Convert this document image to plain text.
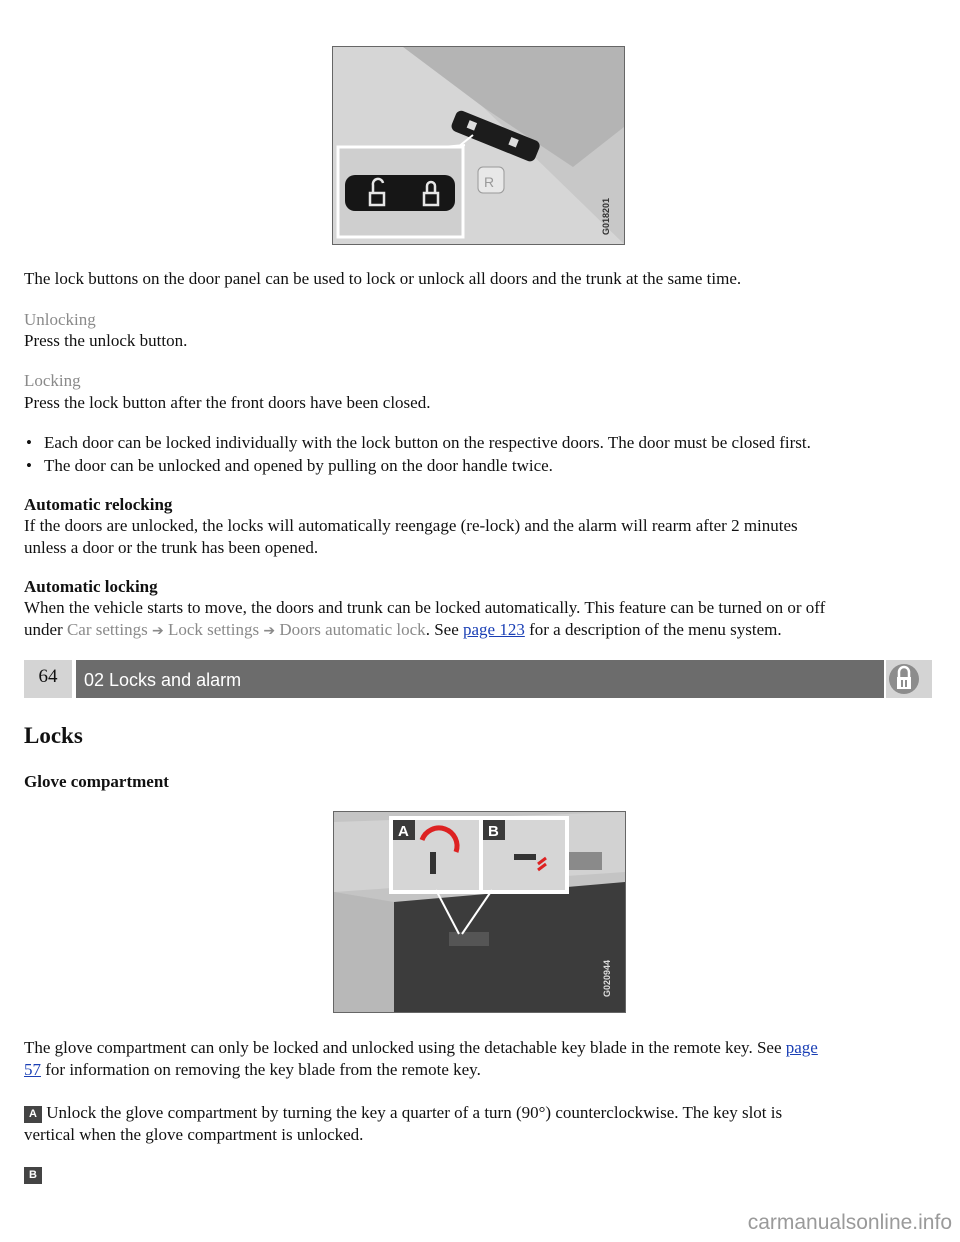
R
G018201

The lock buttons on the door panel can be used to lock or unlock all doors and the trunk at the same time.

Unlocking

Press the unlock button.

Locking

Press the lock button after the front doors have been closed.

• Each door can be locked individually with the lock button on the respective doors. The door must be closed first.
• The door can be unlocked and opened by pulling on the door handle twice.

Automatic relocking

If the doors are unlocked, the locks will automatically reengage (re-lock) and the alarm will rearm after 2 minutes

unless a door or the trunk has been opened.

Automatic locking

When the vehicle starts to move, the doors and trunk can be locked automatically. This feature can be turned on or off

under Car settings ➔ Lock settings ➔ Doors automatic lock. See page 123 for a description of the menu system.

64	02 Locks and alarm

Locks

Glove compartment

A	B
G020944

The glove compartment can only be locked and unlocked using the detachable key blade in the remote key. See page

57 for information on removing the key blade from the remote key.

A Unlock the glove compartment by turning the key a quarter of a turn (90°) counterclockwise. The key slot is

vertical when the glove compartment is unlocked.

B

carmanualsonline.info
